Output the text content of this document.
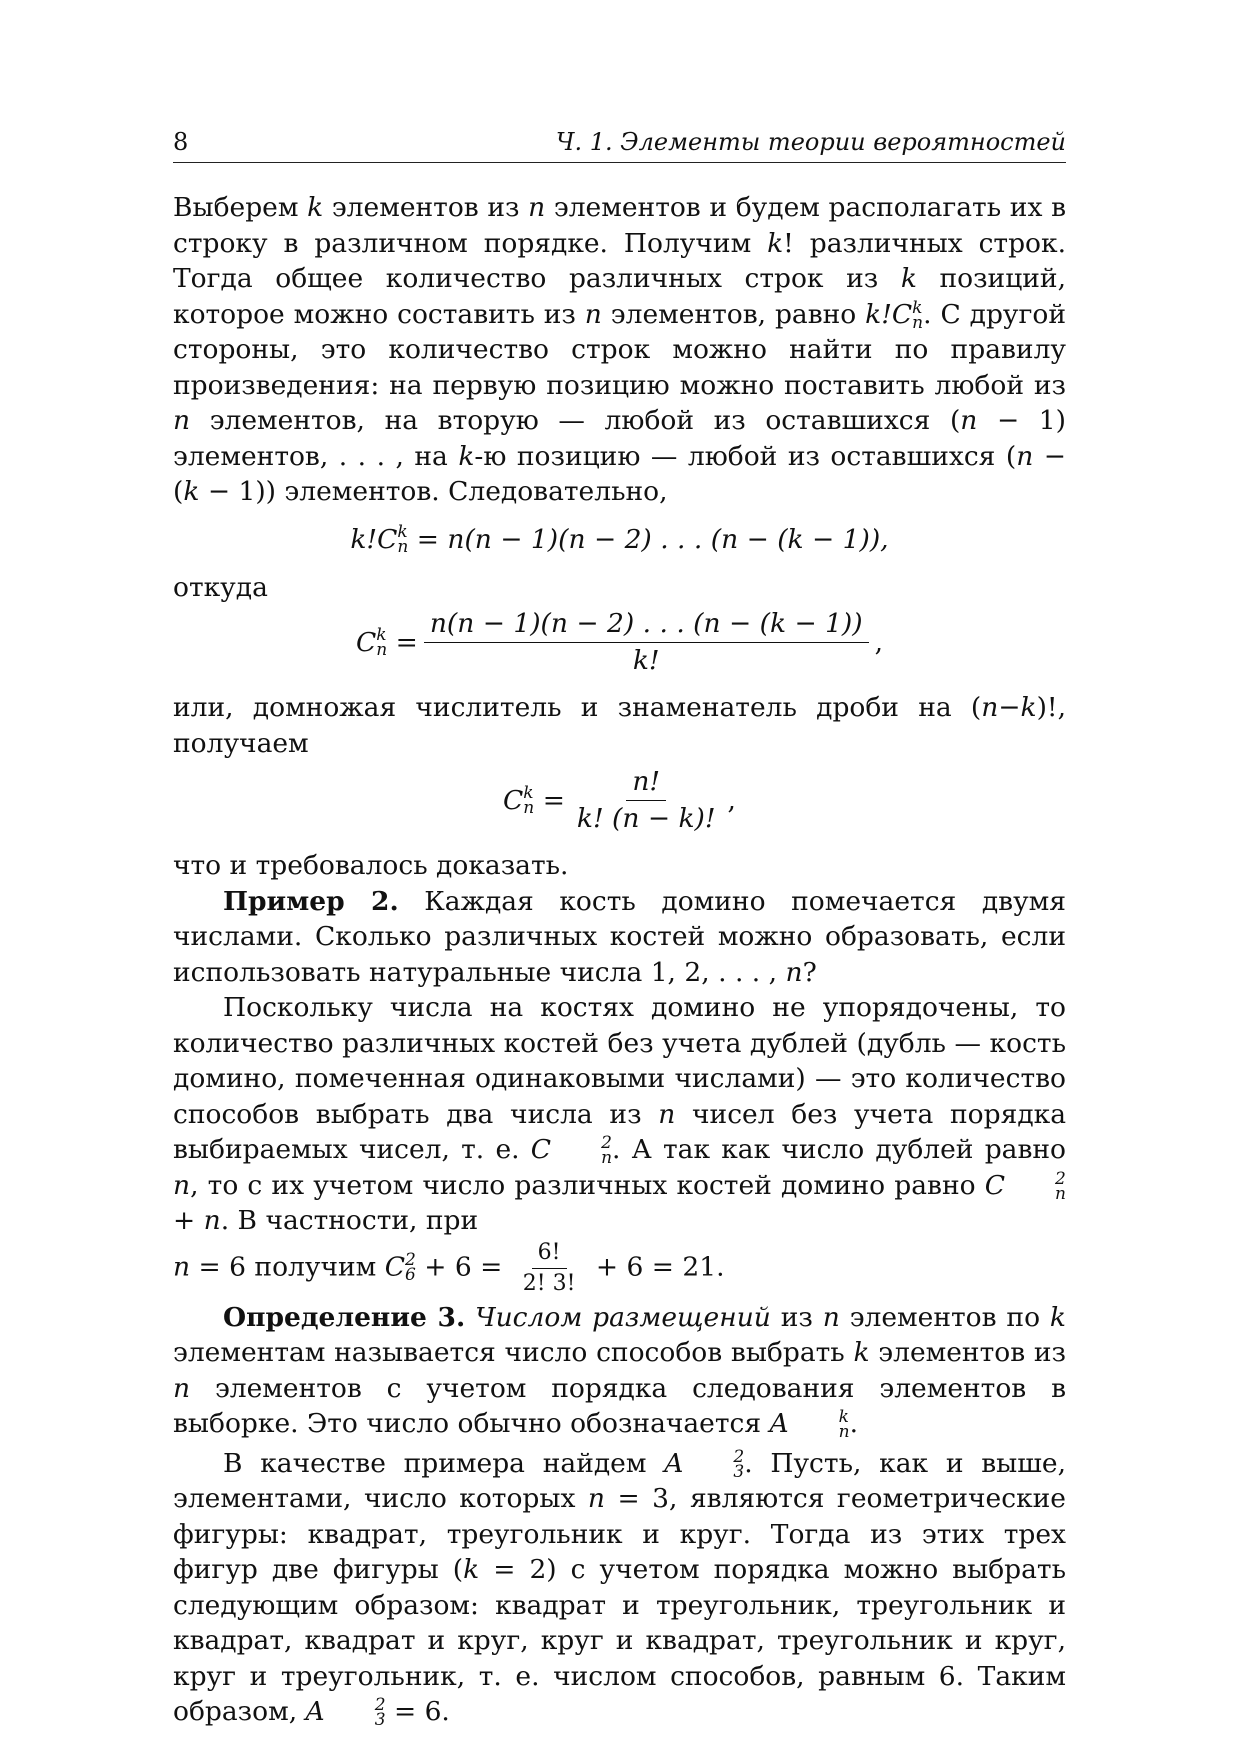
8	Ч. 1. Элементы теории вероятностей

Выберем k элементов из n элементов и будем располагать их в строку в различном порядке. Получим k! различных строк. Тогда общее количество различных строк из k позиций, которое можно составить из n элементов, равно k!C k
n . С другой стороны, это количество строк можно найти по правилу произведения: на первую позицию можно поставить любой из n элементов, на вторую — любой из оставшихся (n − 1) элементов, . . . , на k-ю позицию — любой из оставшихся (n − (k − 1)) элементов. Следовательно,

k! C k
n
= n(n − 1)(n − 2) . . . (n − (k − 1)),

откуда

C k
n
= $\frac{n(n - 1)(n - 2) . . . (n - (k - 1))}{k!}$ ,

или, домножая числитель и знаменатель дроби на (n−k)!, получаем

C k
n
= $\frac{n!}{k! (n - k)!}$ ,

что и требовалось доказать.

Пример 2. Каждая кость домино помечается двумя числами. Сколько различных костей можно образовать, если использовать натуральные числа 1, 2, . . . , n?

Поскольку числа на костях домино не упорядочены, то количество различных костей без учета дублей (дубль — кость домино, помеченная одинаковыми числами) — это количество способов выбрать два числа из n чисел без учета порядка выбираемых чисел, т. е. C	2
n . А так как число дублей равно n, то с их учетом число различных костей домино равно C	2
n
+ n. В частности, при

n = 6 получим C 2
$6 + 6 = \frac{6!}{2! 3!} + 6 = 21$.

Определение 3. Числом размещений из n элементов по k элементам называется число способов выбрать k элементов из n элементов с учетом порядка следования элементов в выборке. Это число обычно обозначается A	k
n .

В качестве примера найдем A	2
3 . Пусть, как и выше, элементами, число которых n = 3, являются геометрические фигуры: квадрат, треугольник и круг. Тогда из этих трех фигур две фигуры (k = 2) с учетом порядка можно выбрать следующим образом: квадрат и треугольник, треугольник и квадрат, квадрат и круг, круг и квадрат, треугольник и круг, круг и треугольник, т. е. числом способов, равным 6. Таким образом, A	2
3 = 6.
